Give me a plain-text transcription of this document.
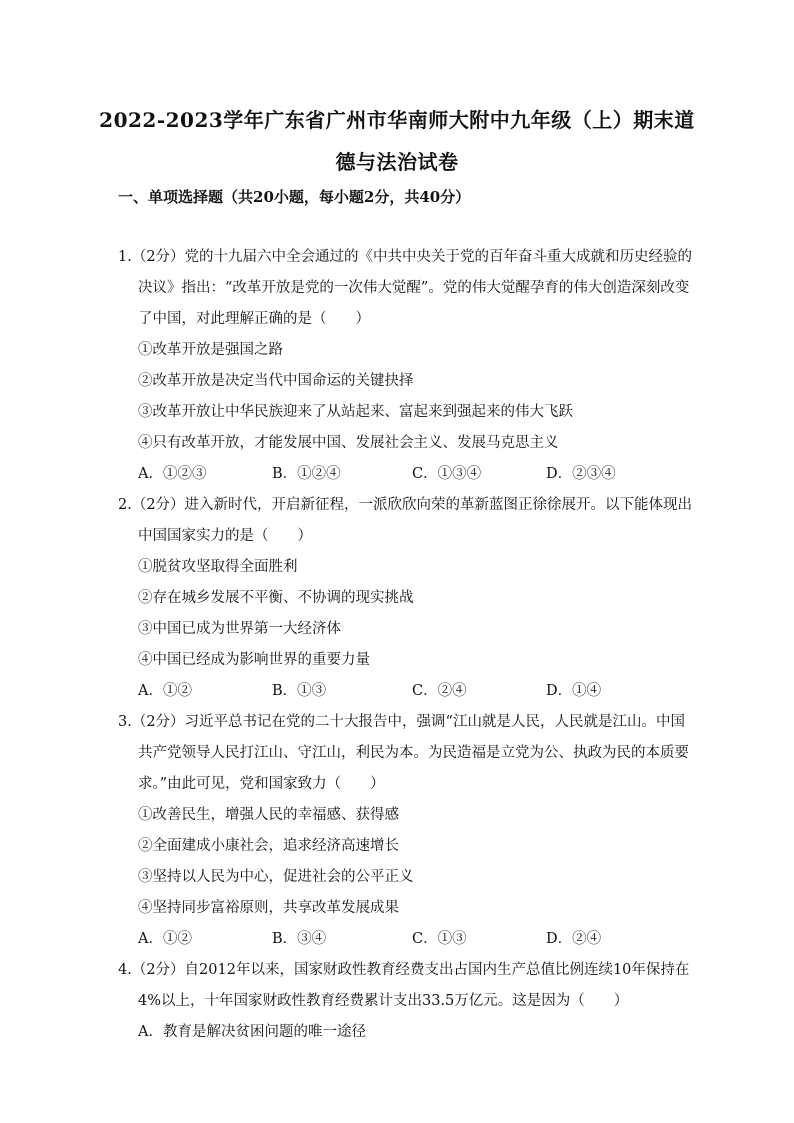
2022-2023学年广东省广州市华南师大附中九年级（上）期末道
德与法治试卷
一、单项选择题（共20小题，每小题2分，共40分）
1.（2分）党的十九届六中全会通过的《中共中央关于党的百年奋斗重大成就和历史经验的
决议》指出：“改革开放是党的一次伟大觉醒”。党的伟大觉醒孕育的伟大创造深刻改变
了中国，对此理解正确的是（　　）
①改革开放是强国之路
②改革开放是决定当代中国命运的关键抉择
③改革开放让中华民族迎来了从站起来、富起来到强起来的伟大飞跃
④只有改革开放，才能发展中国、发展社会主义、发展马克思主义
A．①②③	B．①②④	C．①③④	D．②③④
2.（2分）进入新时代，开启新征程，一派欣欣向荣的革新蓝图正徐徐展开。以下能体现出
中国国家实力的是（　　）
①脱贫攻坚取得全面胜利
②存在城乡发展不平衡、不协调的现实挑战
③中国已成为世界第一大经济体
④中国已经成为影响世界的重要力量
A．①②	B．①③	C．②④	D．①④
3.（2分）习近平总书记在党的二十大报告中，强调“江山就是人民，人民就是江山。中国
共产党领导人民打江山、守江山，利民为本。为民造福是立党为公、执政为民的本质要
求。”由此可见，党和国家致力（　　）
①改善民生，增强人民的幸福感、获得感
②全面建成小康社会，追求经济高速增长
③坚持以人民为中心，促进社会的公平正义
④坚持同步富裕原则，共享改革发展成果
A．①②	B．③④	C．①③	D．②④
4.（2分）自2012年以来，国家财政性教育经费支出占国内生产总值比例连续10年保持在
4%以上，十年国家财政性教育经费累计支出33.5万亿元。这是因为（　　）
A．教育是解决贫困问题的唯一途径
